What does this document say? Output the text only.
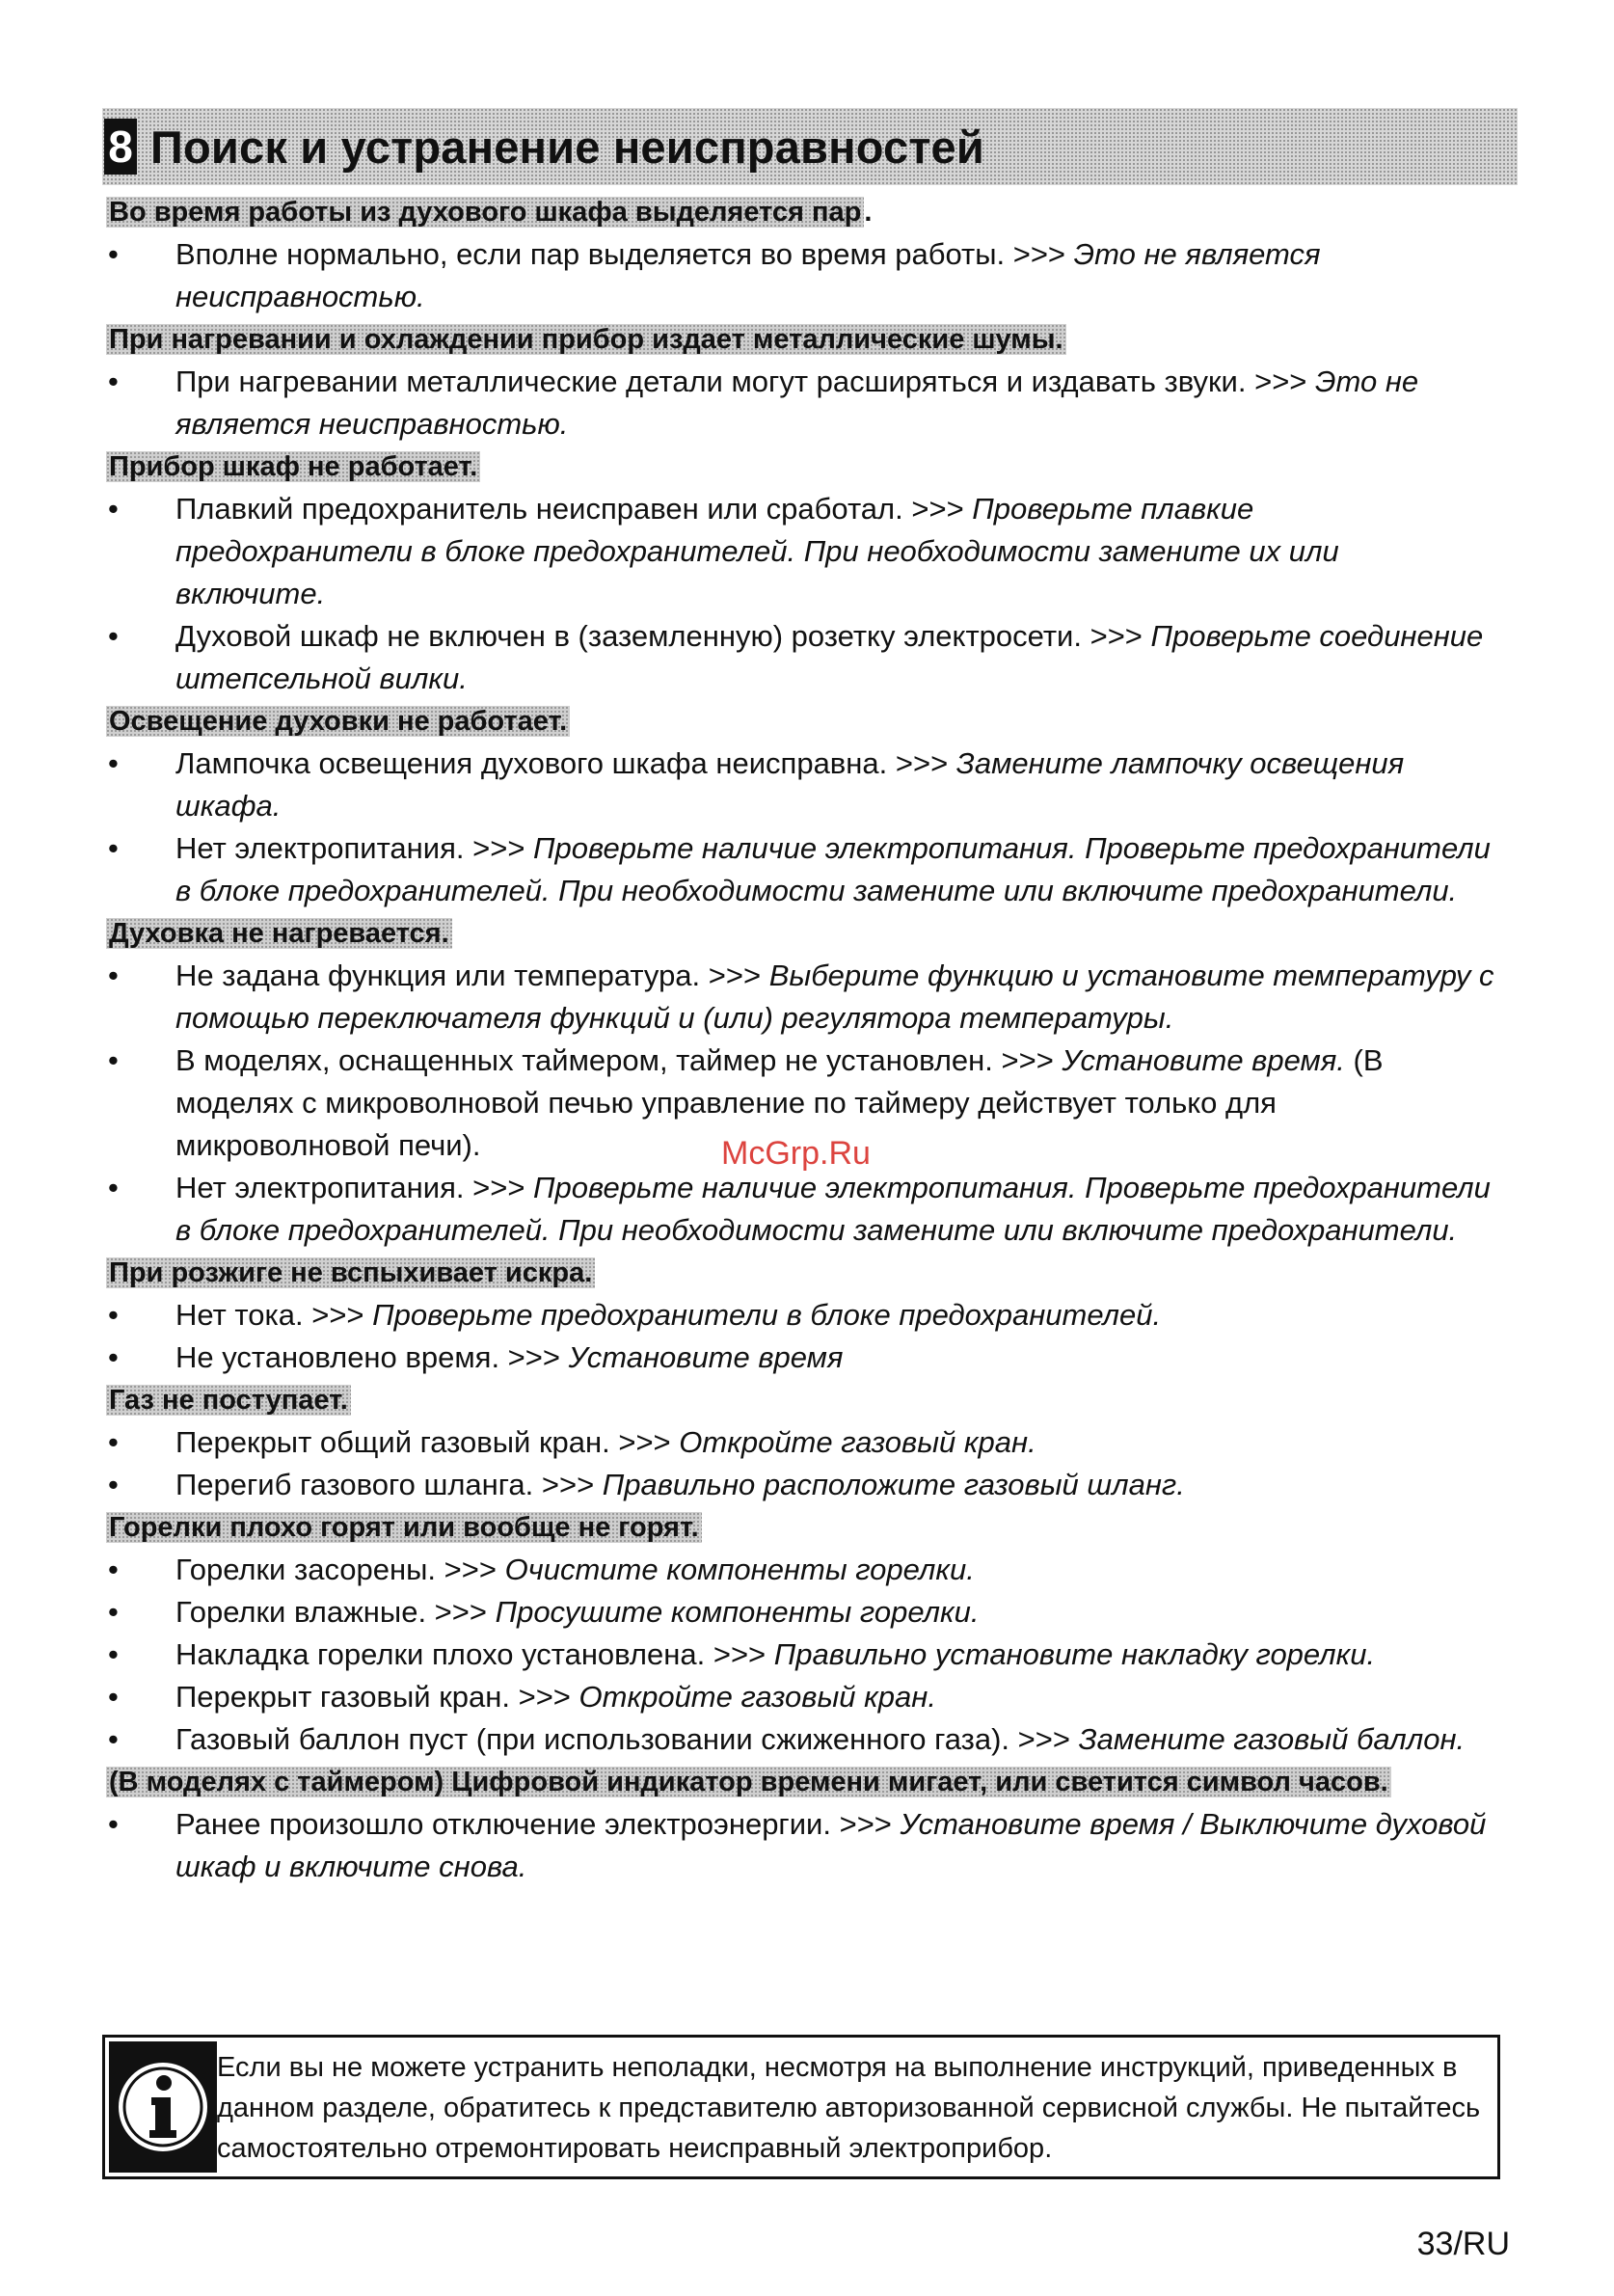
8 Поиск и устранение неисправностей
Во время работы из духового шкафа выделяется пар .
• Вполне нормально, если пар выделяется во время работы. >>> Это не является неисправностью.
При нагревании и охлаждении прибор издает металлические шумы.
• При нагревании металлические детали могут расширяться и издавать звуки. >>> Это не является неисправностью.
Прибор шкаф не работает.
• Плавкий предохранитель неисправен или сработал. >>> Проверьте плавкие предохранители в блоке предохранителей. При необходимости замените их или включите.
• Духовой шкаф не включен в (заземленную) розетку электросети. >>> Проверьте соединение штепсельной вилки.
Освещение духовки не работает.
• Лампочка освещения духового шкафа неисправна. >>> Замените лампочку освещения шкафа.
• Нет электропитания. >>> Проверьте наличие электропитания. Проверьте предохранители в блоке предохранителей. При необходимости замените или включите предохранители.
Духовка не нагревается.
• Не задана функция или температура. >>> Выберите функцию и установите температуру с помощью переключателя функций и (или) регулятора температуры.
• В моделях, оснащенных таймером, таймер не установлен. >>> Установите время. (В моделях с микроволновой печью управление по таймеру действует только для микроволновой печи).
• Нет электропитания. >>> Проверьте наличие электропитания. Проверьте предохранители в блоке предохранителей. При необходимости замените или включите предохранители.
При розжиге не вспыхивает искра.
• Нет тока. >>> Проверьте предохранители в блоке предохранителей.
• Не установлено время. >>> Установите время
Газ не поступает.
• Перекрыт общий газовый кран. >>> Откройте газовый кран.
• Перегиб газового шланга. >>> Правильно расположите газовый шланг.
Горелки плохо горят или вообще не горят.
• Горелки засорены. >>> Очистите компоненты горелки.
• Горелки влажные. >>> Просушите компоненты горелки.
• Накладка горелки плохо установлена. >>> Правильно установите накладку горелки.
• Перекрыт газовый кран. >>> Откройте газовый кран.
• Газовый баллон пуст (при использовании сжиженного газа). >>> Замените газовый баллон.
(В моделях с таймером) Цифровой индикатор времени мигает, или светится символ часов.
• Ранее произошло отключение электроэнергии. >>> Установите время / Выключите духовой шкаф и включите снова.
McGrp.Ru
Если вы не можете устранить неполадки, несмотря на выполнение инструкций, приведенных в данном разделе, обратитесь к представителю авторизованной сервисной службы. Не пытайтесь самостоятельно отремонтировать неисправный электроприбор.
33/RU
